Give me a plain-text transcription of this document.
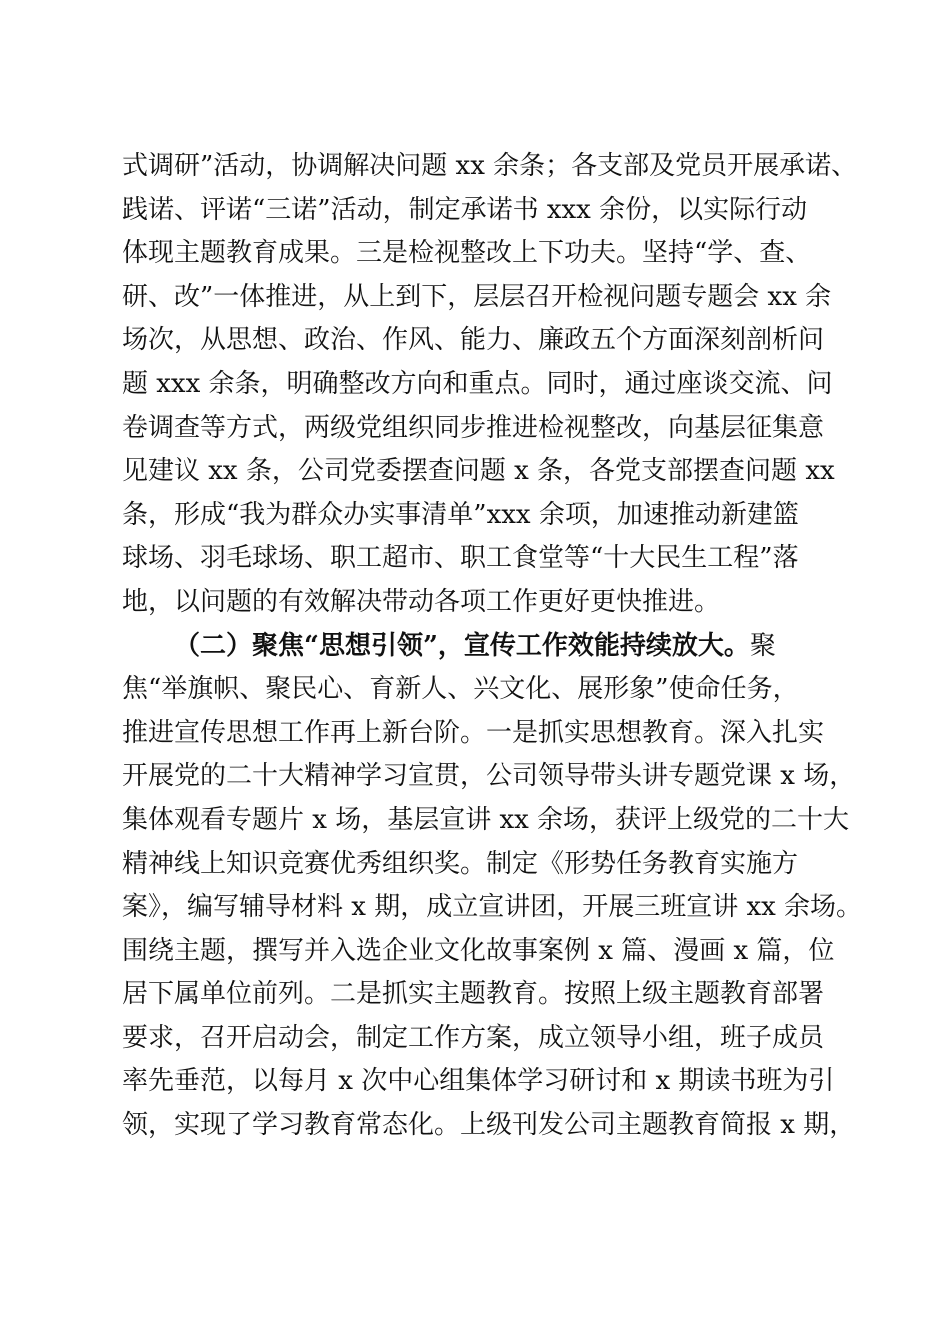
式调研”活动，协调解决问题 xx 余条；各支部及党员开展承诺、
践诺、评诺“三诺”活动，制定承诺书 xxx 余份，以实际行动
体现主题教育成果。三是检视整改上下功夫。坚持“学、查、
研、改”一体推进，从上到下，层层召开检视问题专题会 xx 余
场次，从思想、政治、作风、能力、廉政五个方面深刻剖析问
题 xxx 余条，明确整改方向和重点。同时，通过座谈交流、问
卷调查等方式，两级党组织同步推进检视整改，向基层征集意
见建议 xx 条，公司党委摆查问题 x 条，各党支部摆查问题 xx
条，形成“我为群众办实事清单”xxx 余项，加速推动新建篮
球场、羽毛球场、职工超市、职工食堂等“十大民生工程”落
地，以问题的有效解决带动各项工作更好更快推进。
（二）聚焦“思想引领”，宣传工作效能持续放大。聚
焦“举旗帜、聚民心、育新人、兴文化、展形象”使命任务，
推进宣传思想工作再上新台阶。一是抓实思想教育。深入扎实
开展党的二十大精神学习宣贯，公司领导带头讲专题党课 x 场，
集体观看专题片 x 场，基层宣讲 xx 余场，获评上级党的二十大
精神线上知识竞赛优秀组织奖。制定《形势任务教育实施方
案》，编写辅导材料 x 期，成立宣讲团，开展三班宣讲 xx 余场。
围绕主题，撰写并入选企业文化故事案例 x 篇、漫画 x 篇，位
居下属单位前列。二是抓实主题教育。按照上级主题教育部署
要求，召开启动会，制定工作方案，成立领导小组，班子成员
率先垂范，以每月 x 次中心组集体学习研讨和 x 期读书班为引
领，实现了学习教育常态化。上级刊发公司主题教育简报 x 期，
